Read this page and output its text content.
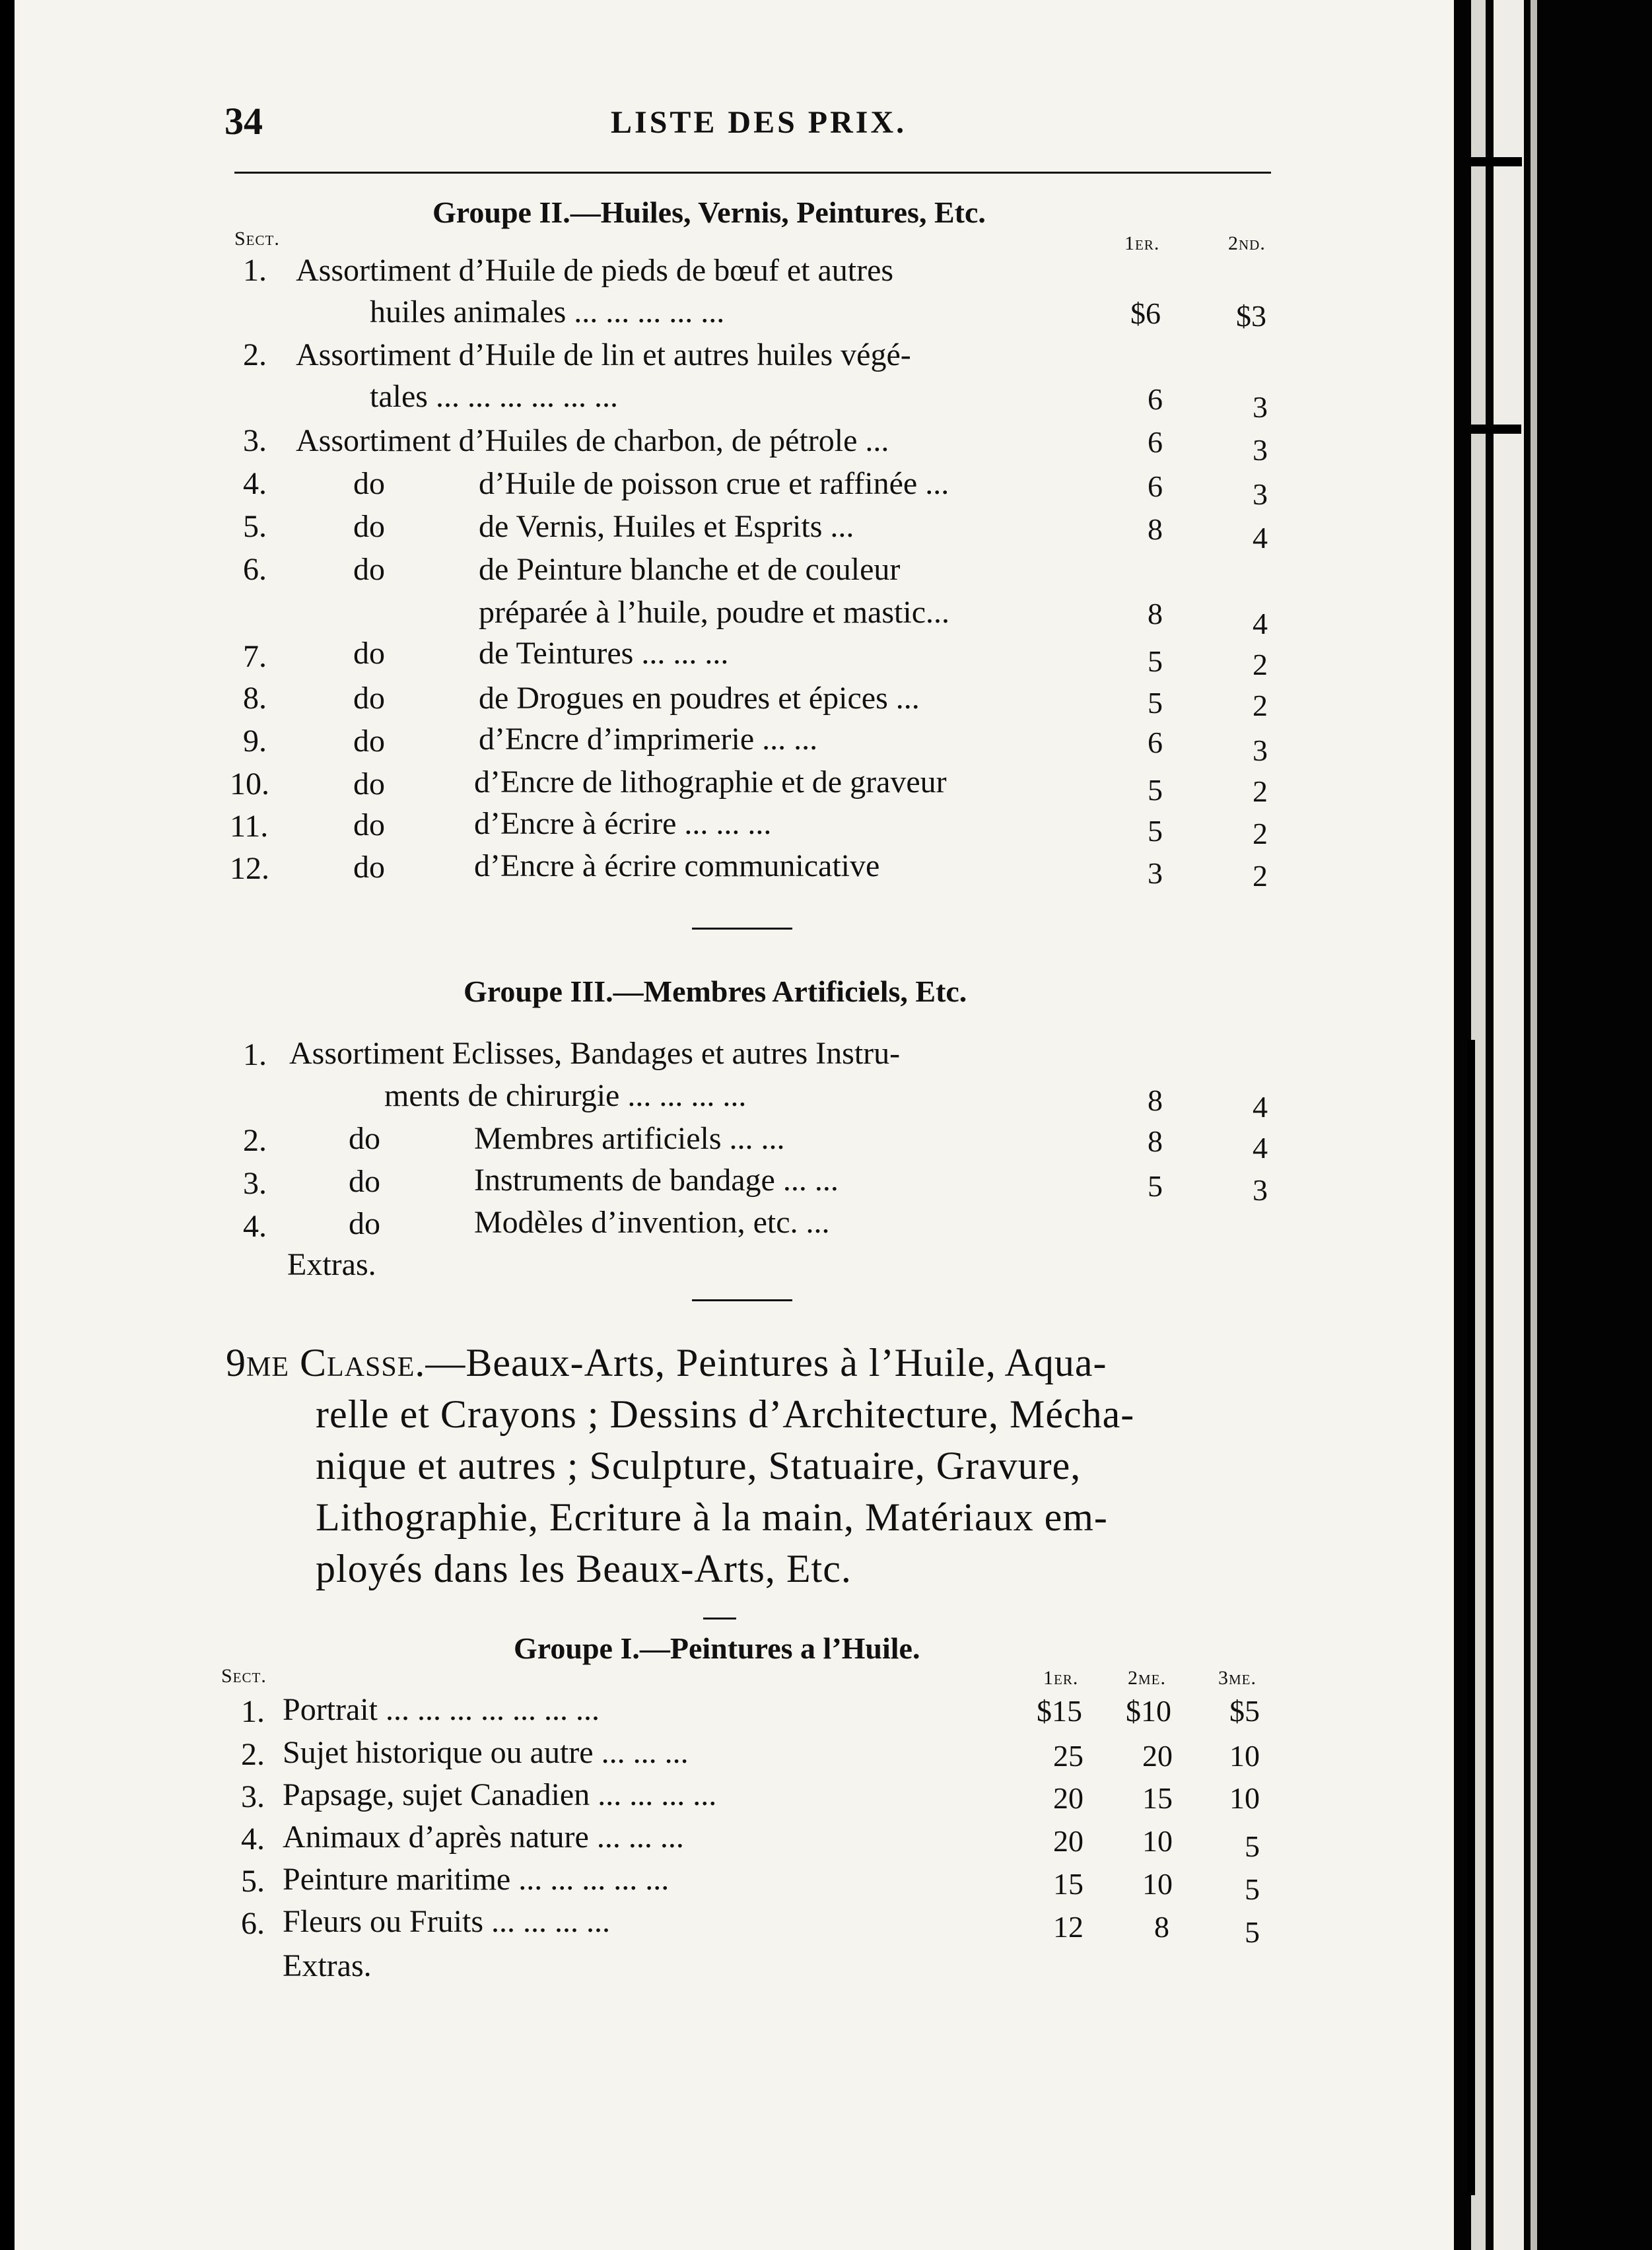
34	LISTE DES PRIX.
Groupe II.—Huiles, Vernis, Peintures, Etc.
Sect.	1er.	2nd.
1. Assortiment d’Huile de pieds de bœuf et autres
huiles animales ... ... ... ... ...	$6 $3
2. Assortiment d’Huile de lin et autres huiles végé-
tales ... ... ... ... ... ...	6	3
3. Assortiment d’Huiles de charbon, de pétrole ...	6	3
4.	do	d’Huile de poisson crue et raffinée ...	6	3
5.	do	de Vernis, Huiles et Esprits ...	8	4
6.	do	de Peinture blanche et de couleur
préparée à l’huile, poudre et mastic...	8	4
7.	do	de Teintures ... ... ...	5	2
8.	do	de Drogues en poudres et épices ...	5	2
9.	do	d’Encre d’imprimerie ... ...	6	3
10.	do	d’Encre de lithographie et de graveur	5	2
11.	do	d’Encre à écrire ... ... ...	5	2
12.	do	d’Encre à écrire communicative	3	2
Groupe III.—Membres Artificiels, Etc.
1. Assortiment Eclisses, Bandages et autres Instru-
ments de chirurgie ... ... ... ...	8	4
2.	do	Membres artificiels ... ...	8	4
3.	do	Instruments de bandage ... ...	5	3
4.	do	Modèles d’invention, etc. ...
Extras.
9me Classe.—Beaux-Arts, Peintures à l’Huile, Aqua-
relle et Crayons ; Dessins d’Architecture, Mécha-
nique et autres ; Sculpture, Statuaire, Gravure,
Lithographie, Ecriture à la main, Matériaux em-
ployés dans les Beaux-Arts, Etc.
Groupe I.—Peintures a l’Huile.
Sect.	1er. 2me.	3me.
1. Portrait ... ... ... ... ... ... ...	$15 $10 $5
2. Sujet historique ou autre ... ... ...	25 20 10
3. Papsage, sujet Canadien ... ... ... ...	20 15 10
4. Animaux d’après nature ... ... ...	20 10 5
5. Peinture maritime ... ... ... ... ...	15 10 5
6. Fleurs ou Fruits ... ... ... ...	12 8 5
Extras.
